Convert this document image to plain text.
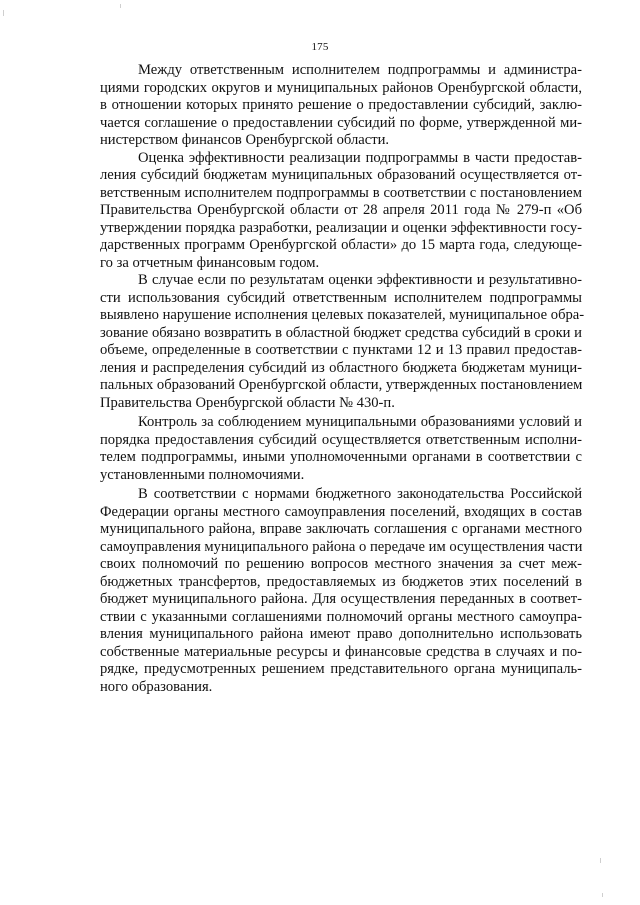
175
Между ответственным исполнителем подпрограммы и администра-
циями городских округов и муниципальных районов Оренбургской области,
в отношении которых принято решение о предоставлении субсидий, заклю-
чается соглашение о предоставлении субсидий по форме, утвержденной ми-
нистерством финансов Оренбургской области.
Оценка эффективности реализации подпрограммы в части предостав-
ления субсидий бюджетам муниципальных образований осуществляется от-
ветственным исполнителем подпрограммы в соответствии с постановлением
Правительства Оренбургской области от 28 апреля 2011 года № 279-п «Об
утверждении порядка разработки, реализации и оценки эффективности госу-
дарственных программ Оренбургской области» до 15 марта года, следующе-
го за отчетным финансовым годом.
В случае если по результатам оценки эффективности и результативно-
сти использования субсидий ответственным исполнителем подпрограммы
выявлено нарушение исполнения целевых показателей, муниципальное обра-
зование обязано возвратить в областной бюджет средства субсидий в сроки и
объеме, определенные в соответствии с пунктами 12 и 13 правил предостав-
ления и распределения субсидий из областного бюджета бюджетам муници-
пальных образований Оренбургской области, утвержденных постановлением
Правительства Оренбургской области № 430-п.
Контроль за соблюдением муниципальными образованиями условий и
порядка предоставления субсидий осуществляется ответственным исполни-
телем подпрограммы, иными уполномоченными органами в соответствии с
установленными полномочиями.
В соответствии с нормами бюджетного законодательства Российской
Федерации органы местного самоуправления поселений, входящих в состав
муниципального района, вправе заключать соглашения с органами местного
самоуправления муниципального района о передаче им осуществления части
своих полномочий по решению вопросов местного значения за счет меж-
бюджетных трансфертов, предоставляемых из бюджетов этих поселений в
бюджет муниципального района. Для осуществления переданных в соответ-
ствии с указанными соглашениями полномочий органы местного самоупра-
вления муниципального района имеют право дополнительно использовать
собственные материальные ресурсы и финансовые средства в случаях и по-
рядке, предусмотренных решением представительного органа муниципаль-
ного образования.
